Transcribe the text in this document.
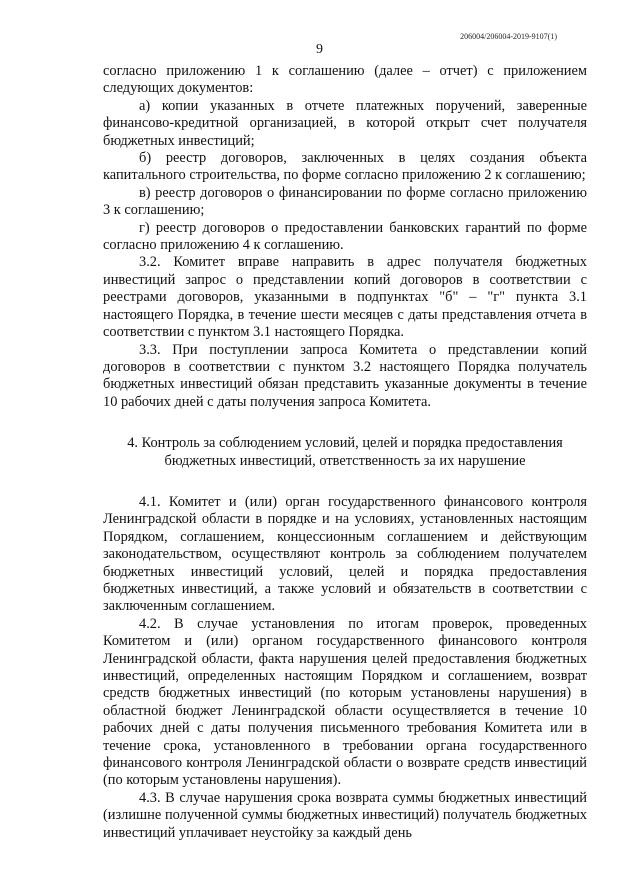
206004/206004-2019-9107(1)
9

согласно приложению 1 к соглашению (далее – отчет) с приложением следующих документов:

а) копии указанных в отчете платежных поручений, заверенные финансово-кредитной организацией, в которой открыт счет получателя бюджетных инвестиций;

б) реестр договоров, заключенных в целях создания объекта капитального строительства, по форме согласно приложению 2 к соглашению;

в) реестр договоров о финансировании по форме согласно приложению 3 к соглашению;

г) реестр договоров о предоставлении банковских гарантий по форме согласно приложению 4 к соглашению.

3.2. Комитет вправе направить в адрес получателя бюджетных инвестиций запрос о представлении копий договоров в соответствии с реестрами договоров, указанными в подпунктах "б" – "г" пункта 3.1 настоящего Порядка, в течение шести месяцев с даты представления отчета в соответствии с пунктом 3.1 настоящего Порядка.

3.3. При поступлении запроса Комитета о представлении копий договоров в соответствии с пунктом 3.2 настоящего Порядка получатель бюджетных инвестиций обязан представить указанные документы в течение 10 рабочих дней с даты получения запроса Комитета.

4. Контроль за соблюдением условий, целей и порядка предоставления
бюджетных инвестиций, ответственность за их нарушение

4.1. Комитет и (или) орган государственного финансового контроля Ленинградской области в порядке и на условиях, установленных настоящим Порядком, соглашением, концессионным соглашением и действующим законодательством, осуществляют контроль за соблюдением получателем бюджетных инвестиций условий, целей и порядка предоставления бюджетных инвестиций, а также условий и обязательств в соответствии с заключенным соглашением.

4.2. В случае установления по итогам проверок, проведенных Комитетом и (или) органом государственного финансового контроля Ленинградской области, факта нарушения целей предоставления бюджетных инвестиций, определенных настоящим Порядком и соглашением, возврат средств бюджетных инвестиций (по которым установлены нарушения) в областной бюджет Ленинградской области осуществляется в течение 10 рабочих дней с даты получения письменного требования Комитета или в течение срока, установленного в требовании органа государственного финансового контроля Ленинградской области о возврате средств инвестиций (по которым установлены нарушения).

4.3. В случае нарушения срока возврата суммы бюджетных инвестиций (излишне полученной суммы бюджетных инвестиций) получатель бюджетных инвестиций уплачивает неустойку за каждый день
